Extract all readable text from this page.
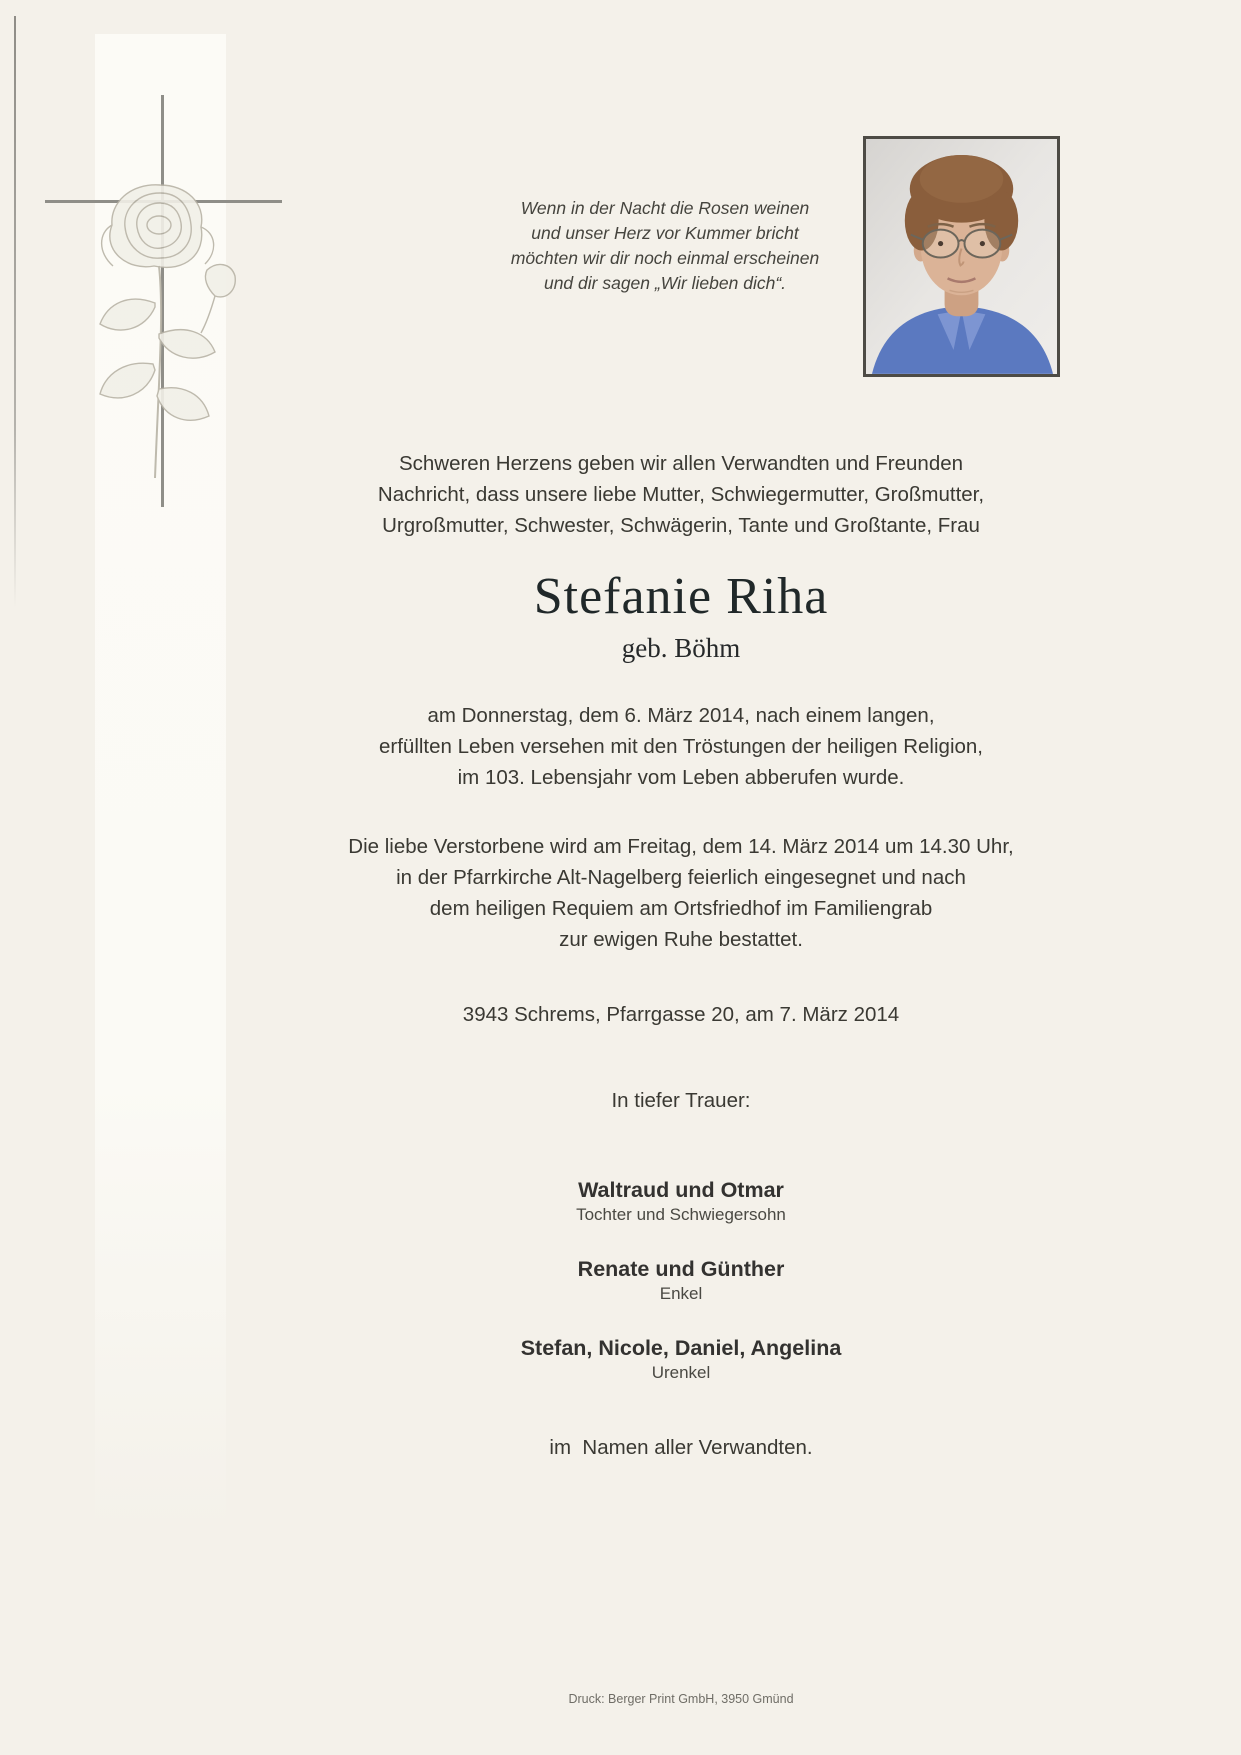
Wenn in der Nacht die Rosen weinen
und unser Herz vor Kummer bricht
möchten wir dir noch einmal erscheinen
und dir sagen „Wir lieben dich“.
Schweren Herzens geben wir allen Verwandten und Freunden
Nachricht, dass unsere liebe Mutter, Schwiegermutter, Großmutter,
Urgroßmutter, Schwester, Schwägerin, Tante und Großtante, Frau
Stefanie Riha
geb. Böhm
am Donnerstag, dem 6. März 2014, nach einem langen,
erfüllten Leben versehen mit den Tröstungen der heiligen Religion,
im 103. Lebensjahr vom Leben abberufen wurde.
Die liebe Verstorbene wird am Freitag, dem 14. März 2014 um 14.30 Uhr,
in der Pfarrkirche Alt-Nagelberg feierlich eingesegnet und nach
dem heiligen Requiem am Ortsfriedhof im Familiengrab
zur ewigen Ruhe bestattet.
3943 Schrems, Pfarrgasse 20, am 7. März 2014
In tiefer Trauer:
Waltraud und Otmar
Tochter und Schwiegersohn
Renate und Günther
Enkel
Stefan, Nicole, Daniel, Angelina
Urenkel
im  Namen aller Verwandten.
Druck: Berger Print GmbH, 3950 Gmünd
